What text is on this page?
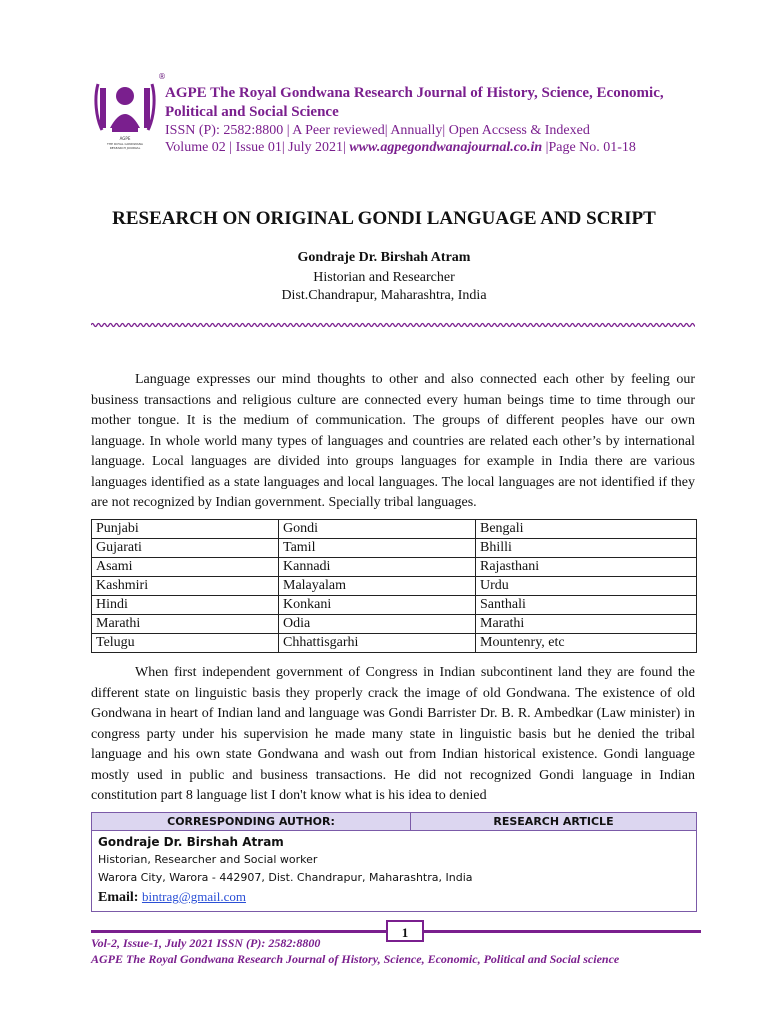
AGPE
THE ROYAL GONDWANA
RESEARCH JOURNAL
®
AGPE The Royal Gondwana Research Journal of History, Science, Economic,
Political and Social Science
ISSN (P): 2582:8800 | A Peer reviewed| Annually| Open Accsess & Indexed
Volume 02 | Issue 01| July 2021| www.agpegondwanajournal.co.in |Page No. 01-18
RESEARCH ON ORIGINAL GONDI LANGUAGE AND SCRIPT
Gondraje Dr. Birshah Atram
Historian and Researcher
Dist.Chandrapur, Maharashtra, India
Language expresses our mind thoughts to other and also connected each other by feeling our business transactions and religious culture are connected every human beings time to time through our mother tongue. It is the medium of communication. The groups of different peoples have our own language. In whole world many types of languages and countries are related each other’s by international language. Local languages are divided into groups languages for example in India there are various languages identified as a state languages and local languages. The local languages are not identified if they are not recognized by Indian government. Specially tribal languages.
Punjabi	Gondi	Bengali
Gujarati	Tamil	Bhilli
Asami	Kannadi	Rajasthani
Kashmiri	Malayalam	Urdu
Hindi	Konkani	Santhali
Marathi	Odia	Marathi
Telugu	Chhattisgarhi	Mountenry, etc
When first independent government of Congress in Indian subcontinent land they are found the different state on linguistic basis they properly crack the image of old Gondwana. The existence of old Gondwana in heart of Indian land and language was Gondi Barrister Dr. B. R. Ambedkar (Law minister) in congress party under his supervision he made many state in linguistic basis but he denied the tribal language and his own state Gondwana and wash out from Indian historical existence. Gondi language mostly used in public and business transactions. He did not recognized Gondi language in Indian constitution part 8 language list I don't know what is his idea to denied
CORRESPONDING AUTHOR:	RESEARCH ARTICLE
Gondraje Dr. Birshah Atram
Historian, Researcher and Social worker
Warora City, Warora - 442907, Dist. Chandrapur, Maharashtra, India
Email: bintrag@gmail.com
1
Vol-2, Issue-1, July 2021 ISSN (P): 2582:8800
AGPE The Royal Gondwana Research Journal of History, Science, Economic, Political and Social science
